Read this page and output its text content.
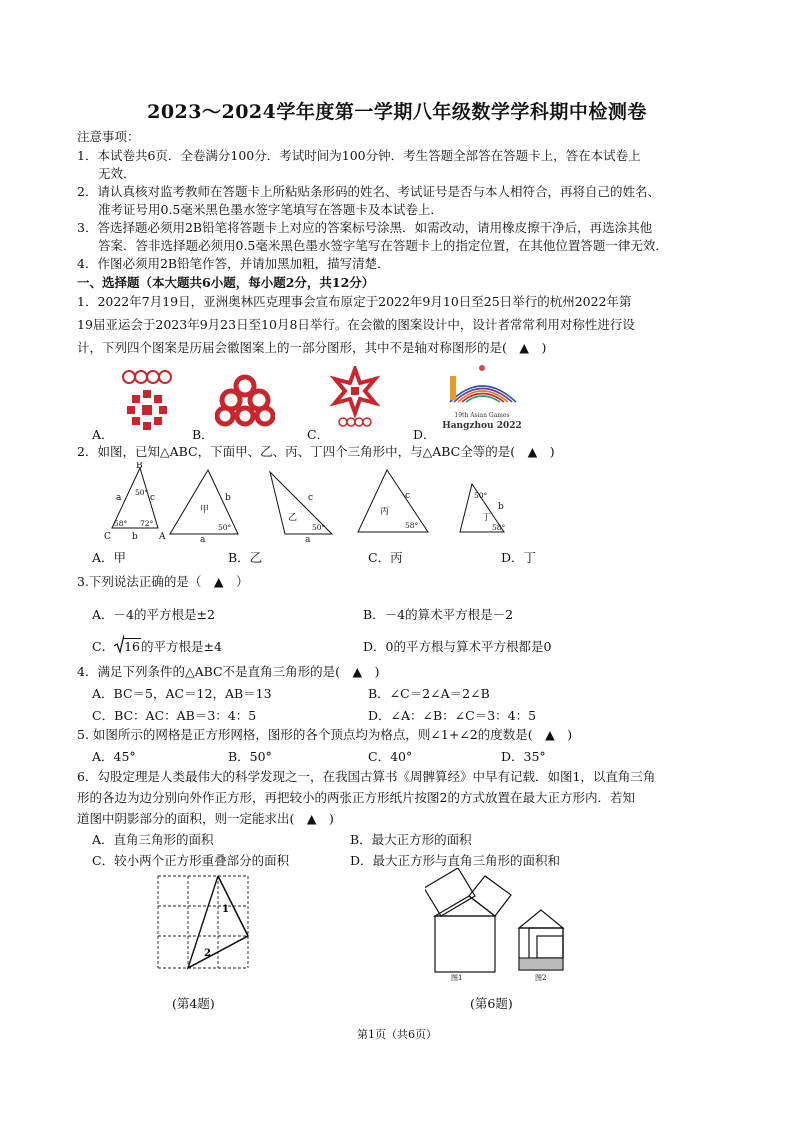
2023～2024学年度第一学期八年级数学学科期中检测卷
注意事项：
1．本试卷共6页．全卷满分100分．考试时间为100分钟．考生答题全部答在答题卡上，答在本试卷上
无效．
2．请认真核对监考教师在答题卡上所粘贴条形码的姓名、考试证号是否与本人相符合，再将自己的姓名、
准考证号用0.5毫米黑色墨水签字笔填写在答题卡及本试卷上．
3．答选择题必须用2B铅笔将答题卡上对应的答案标号涂黑．如需改动，请用橡皮擦干净后，再选涂其他
答案．答非选择题必须用0.5毫米黑色墨水签字笔写在答题卡上的指定位置，在其他位置答题一律无效．
4．作图必须用2B铅笔作答，并请加黑加粗，描写清楚．
一、选择题（本大题共6小题，每小题2分，共12分）
1．2022年7月19日，亚洲奥林匹克理事会宣布原定于2022年9月10日至25日举行的杭州2022年第
19届亚运会于2023年9月23日至10月8日举行。在会徽的图案设计中，设计者常常利用对称性进行设
计，下列四个图案是历届会徽图案上的一部分图形，其中不是轴对称图形的是(　▲　)
19th Asian Games
Hangzhou 2022
A．	B．	C．	D．
2．如图，已知△ABC，下面甲、乙、丙、丁四个三角形中，与△ABC全等的是(　▲　)
B
A
C
a	c
b
50°
58° 72°
甲
b
a
50°
乙
c
a
50°
丙
c
58°
50°
b
丁
58°
A．甲	B．乙	C．丙	D．丁
3.下列说法正确的是（　▲　）
A．－4的平方根是±2	B．－4的算术平方根是－2
C． 16的平方根是±4	D．0的平方根与算术平方根都是0
4．满足下列条件的△ABC不是直角三角形的是(　▲　)
A．BC＝5，AC＝12，AB＝13	B．∠C＝2∠A＝2∠B
C．BC：AC：AB＝3：4：5	D．∠A：∠B：∠C＝3：4：5
5. 如图所示的网格是正方形网格，图形的各个顶点均为格点，则∠1+∠2的度数是(　▲　)
A．45°	B．50°	C．40°	D．35°
6．勾股定理是人类最伟大的科学发现之一，在我国古算书《周髀算经》中早有记载．如图1，以直角三角
形的各边为边分别向外作正方形，再把较小的两张正方形纸片按图2的方式放置在最大正方形内．若知
道图中阴影部分的面积，则一定能求出(　▲　)
A．直角三角形的面积	B．最大正方形的面积
C．较小两个正方形重叠部分的面积	D．最大正方形与直角三角形的面积和
1
2
(第4题)
图1	图2
(第6题)
第1页（共6页）
